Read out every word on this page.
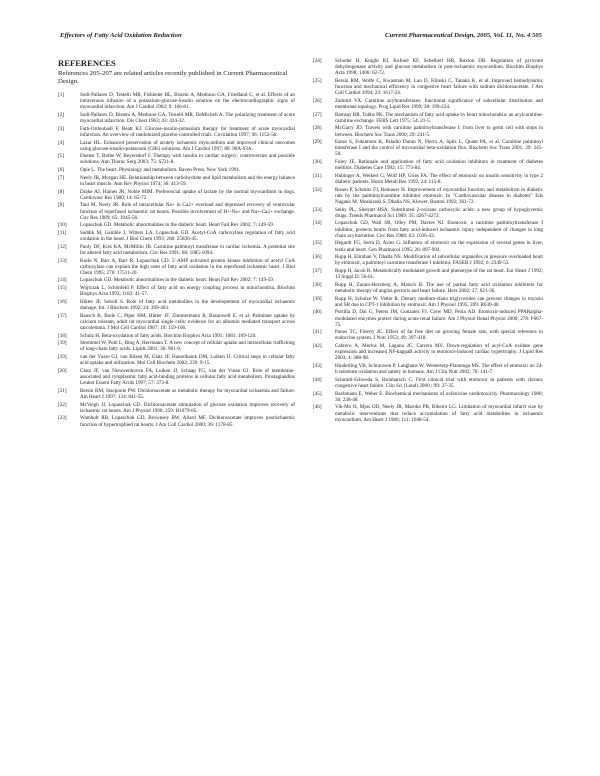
Effectors of Fatty Acid Oxidation Reduction	Current Pharmaceutical Design, 2005, Vol. 11, No. 4 505
REFERENCES
References 205-207 are related articles recently published in Current Pharmaceutical Design.
[1]	Sodi-Pallares D, Testelli MR, Fishleder BL, Bisteni A, Medrano GA, Friedland C, et al. Effects of an intravenous infusion of a potassium-glucose-insulin solution on the electrocardiographic signs of myocardial infarction. Am J Cardiol 1962; 9: 166-81.
[2]	Sodi-Pallares D, Bisteni A, Medrano GA, Testelli MR, DeMicheli A. The polarizing treatment of acute myocardial infarction. Dis Chest 1963; 43: 424-32.
[3]	Fath-Ordoubadi F, Beatt KJ. Glucose-insulin-potassium therapy for treatment of acute myocardial infarction. An overview of randomized placebo-controlled trials. Circulation 1997; 96: 1152-56.
[4]	Lazar HL. Enhanced preservation of acutely ischaemic myocardium and improved clinical outcomes using glucose-insulin-potassium (GIK) solutions. Am J Cardiol 1997; 80: 90A-93A.
[5]	Doenst T, Bothe W, Beyersdorf F. Therapy with insulin in cardiac surgery: controversies and possible solutions. Ann Thorac Surg 2003; 75: S721-8.
[6]	Opie L. The heart. Physiology and metabolism. Raven Press, New York 1991.
[7]	Neely JR, Morgan HE. Relationship between carbohydrate and lipid metabolism and the energy balance in heart muscle. Ann Rev Physiol 1974; 36: 413-59.
[8]	Drake AJ, Haines JR, Noble MIM. Preferencial uptake of lactate by the normal myocardium in dogs. Cardiovasc Res 1980; 14: 65-72.
[9]	Tani M, Neely JR. Role of intracellular Na+ in Ca2+ overload and depressed recovery of ventricular function of reperfused ischaemic rat hearts. Possible involvement of H+-Na+ and Na+-Ca2+ exchange. Circ Res 1989; 65: 1045-56.
[10]	Lopaschuk GD. Metabolic abnormalities in the diabetic heart. Heart Fail Rev 2002; 7: 149-59.
[11]	Saddik M, Gamble J, Witters LA, Lopaschuk GD. Acetyl-CoA carboxylase regulation of fatty acid oxidation in the heart. J Biol Chem 1993; 268: 25836-45.
[12]	Pauly DF, Kirk KA, McMillin JB. Carnitine palmitoyl transferase in cardiac ischemia. A potential site for altered fatty acid metabolism. Circ Res 1991; 68: 1085-1094.
[13]	Kudo N, Barr A, Barr R, Lopaschuk GD. 5'-AMP activated protein kinase inhibition of acetyl CoA carboxylase can explain the high rates of fatty acid oxidation in the reperfused ischaemic heart. J Biol Chem 1995; 270: 17511-20.
[14]	Lopaschuk GD. Metabolic abnormalities in the diabetic heart. Heart Fail Rev 2002; 7: 149-59.
[15]	Wojtczak L, Schönfeld P. Effect of fatty acid on energy coupling process in mitochondria. Biochim Biophys Acta 1993; 1183: 41-57.
[16]	Hütter JF, Soboll S. Role of fatty acid metabolites in the developement of myocardial ischaemic damage. Int. J Biochem 1992; 24: 399-403.
[17]	Rausch B, Bode C, Piper HM, Hütter JF, Zimmermann R, Braunwell E, et al. Palmitate uptake by calcium tolerant, adult rat myocardial single cells: evidence for an albumin mediated transport across sarcolemma. J Mol Cell Cardiol 1987; 19: 159-166.
[18]	Schulz H. Beta-oxydation of fatty acids. Biochim Biophys Acta 1991; 1081: 109-120.
[19]	Stremmel W, Pohl L, Ring A, Herrmann T. A new concept of cellular uptake and intracellular trafficking of long-chain fatty acids. Lipids 2001; 36: 981-9.
[19]	van der Vusse GJ, van Bilsen M, Glatz JF, Hasselbaink DM, Luiken JJ. Critical steps in cellular fatty acid uptake and utilization. Mol Cell Biochem 2002; 239: 9-15.
[20]	Glatz JF, van Nieuwenhoven FA, Luiken JJ, Schaap FG, van der Vusse GJ. Role of membrane-associated and cytoplasmic fatty acid-binding proteins in cellular fatty acid metabolism. Prostaglandins Leukot Essent Fatty Acids 1997; 57: 373-8.
[21]	Bersin RM, Stacpoole PW. Dichloroacetate as metabolic therapy for myocardial ischaemia and failure. Am Heart J 1997; 134: 841-55.
[22]	McVeigh JJ, Lopaschuk GD. Dichloroacetate stimulation of glucose oxidation improves recovery of ischaemic rat hearts. Am J Physiol 1990; 259: H1079-85.
[23]	Wambolt RB, Lopaschuk GD, Brownsey RW, Allard MF. Dichloroacetate improves postischaemic function of hypertrophied rat hearts. J Am Coll Cardiol 2000; 36: 1378-85.
[24]	Schoder H, Knight RJ, Kofoed KF, Schelbert HR, Buxton DB. Regulation of pyruvate dehydrogenase activity and glucose metabolism in post-ischaemic myocardium. Biochim Biophys Acta 1998; 1406: 62-72.
[25]	Bersin RM, Wolfe C, Kwasman M, Lau D, Klinski C, Tanaka K, et al. Improved hemodynamic function and mechanical efficiency in congestive heart failure with sodium dichloroacetate. J Am Coll Cardiol 1994; 23: 1617-24.
[26]	Zammit VA. Carnitine acyltransferases: functional significance of subcellular distribution and membrane topology. Prog Lipid Res 1999; 38: 199-224.
[27]	Ramsay RR, Tubbs PK. The mechanism of fatty acid uptake by heart mitochondria: an acylcarnitine-carnitine exchange. FEBS Lett 1975; 54: 21-5.
[28]	McGarry JD. Travels with carnitine palmitoyltransferase I: from liver to germ cell with stops in between. Biochem Soc Trans 2000; 29: 241-5.
[29]	Eaton S, Fukumoto K, Paladio Duran N, Pierro A, Spitz L, Quant PA, et al. Carnitine palmitoyl transferase I and the control of myocardial beta-oxidation flux. Biochem Soc Trans 2001; 29: 245-50.
[30]	Foley JE. Rationale and application of fatty acid oxidation inhibitors in treatment of diabetes mellitus. Diabetes Care 1992; 15: 773-84.
[31]	Hubinger A, Weikert G, Wolf HP, Gries FA. The effect of etomoxir on insulin sensitivity in type 2 diabetic patients. Horm Metab Res 1992; 24: 115-8.
[32]	Rosen P, Schmitz FJ, Reinauer H. Improvement of myocardial function and metabolism in diabetic rats by the palmitoylcarnitine inhibitor etomoxir. In "Cardiovascular disease in diabetes" Eds Nagano M, Moshizuki S, Dhalla NS, Kluwer, Boston 1992; 361-72.
[33]	Selby PL, Sherratt HSA. Substituted 2-oxirane carboxylic acids: a new group of hypoglycemic drugs. Trends Pharmacol Sci 1989; 35: 4267-4272.
[34]	Lopaschuk GD, Wall SR, Olley PM, Davies NJ. Etomoxir, a carnitine palmitoyltransferase I inhibitor, protects hearts from fatty acid-induced ischaemic injury independent of changes in long chain acylcarnitine. Circ Res 1988; 63: 1036-43.
[35]	Hegardt FG, Serra D, Asins G. Influence of etomoxir on the expression of several genes in liver, testis and heart. Gen Pharmacol 1995; 26: 897-904.
[36]	Rupp H, Elimban V, Dhalla NS. Modification of subcellular organelles in pressure overloaded heart by etomoxir, a palmitoyl carnitine transferase I inhibitor. FASEB J 1992; 6: 2349-53.
[37]	Rupp H, Jacob R. Metabolically modulated growth and phenotype of the rat heart. Eur Heart J 1992; 13 Suppl D: 56-61.
[38]	Rupp H, Zarain-Herzberg A, Maisch B. The use of partial fatty acid oxidation inhibitors for metabolic therapy of angina pectoris and heart failure. Herz 2002; 27: 621-36.
[39]	Rupp H, Schulze W, Vetter R. Dietary medium-chain triglycerides can prevent changes in myosin and SR due to CPT-1 inhibition by etomoxir. Am J Physiol 1995; 269: R630-40.
[40]	Portilla D, Dai G, Peters JM, Gonzalez FJ, Crew MD, Proia AD. Etomoxir-induced PPARalpha-modulated enzymes protect during acute renal failure. Am J Physiol Renal Physiol 2000; 278: F667-75.
[41]	Panos TC, Finerty JC. Effect of fat free diet on growing female rats, with special reference to endocrine system. J Nutr 1953; 49: 397-418.
[42]	Cabrero A, Merlos M, Laguna JC, Carrera MV. Down-regulation of acyl-CoA oxidase gene expression and increased NF-kappaB activity in etomoxir-induced cardiac hypertrophy. J Lipid Res 2003; 4: 388-98.
[43]	Hinderling VB, Schrauwen P, Langhans W, Westerterp-Plantenga MS. The effect of etomoxir on 24-h substrate oxidation and satiety in humans. Am J Clin Nutr 2002; 76: 141-7.
[44]	Schmidt-Schweda S, Holubarsch C. First clinical trial with etomoxir in patients with chronic congestive heart failure. Clin Sci (Lond) 2000 ; 99: 27-35.
[45]	Bachmann E, Weber E. Biochemical mechanisms of oxfenicine cardiotoxicity. Pharmacology 1988; 36: 238-48.
[46]	Vik-Mo H, Mjos OD, Neely JR, Maroko PR, Ribeiro LG. Limitation of myocardial infarct size by metabolic interventions that reduce accumulation of fatty acid metabolites in ischaemic myocardium. Am Heart J 1986; 111: 1048-54.
